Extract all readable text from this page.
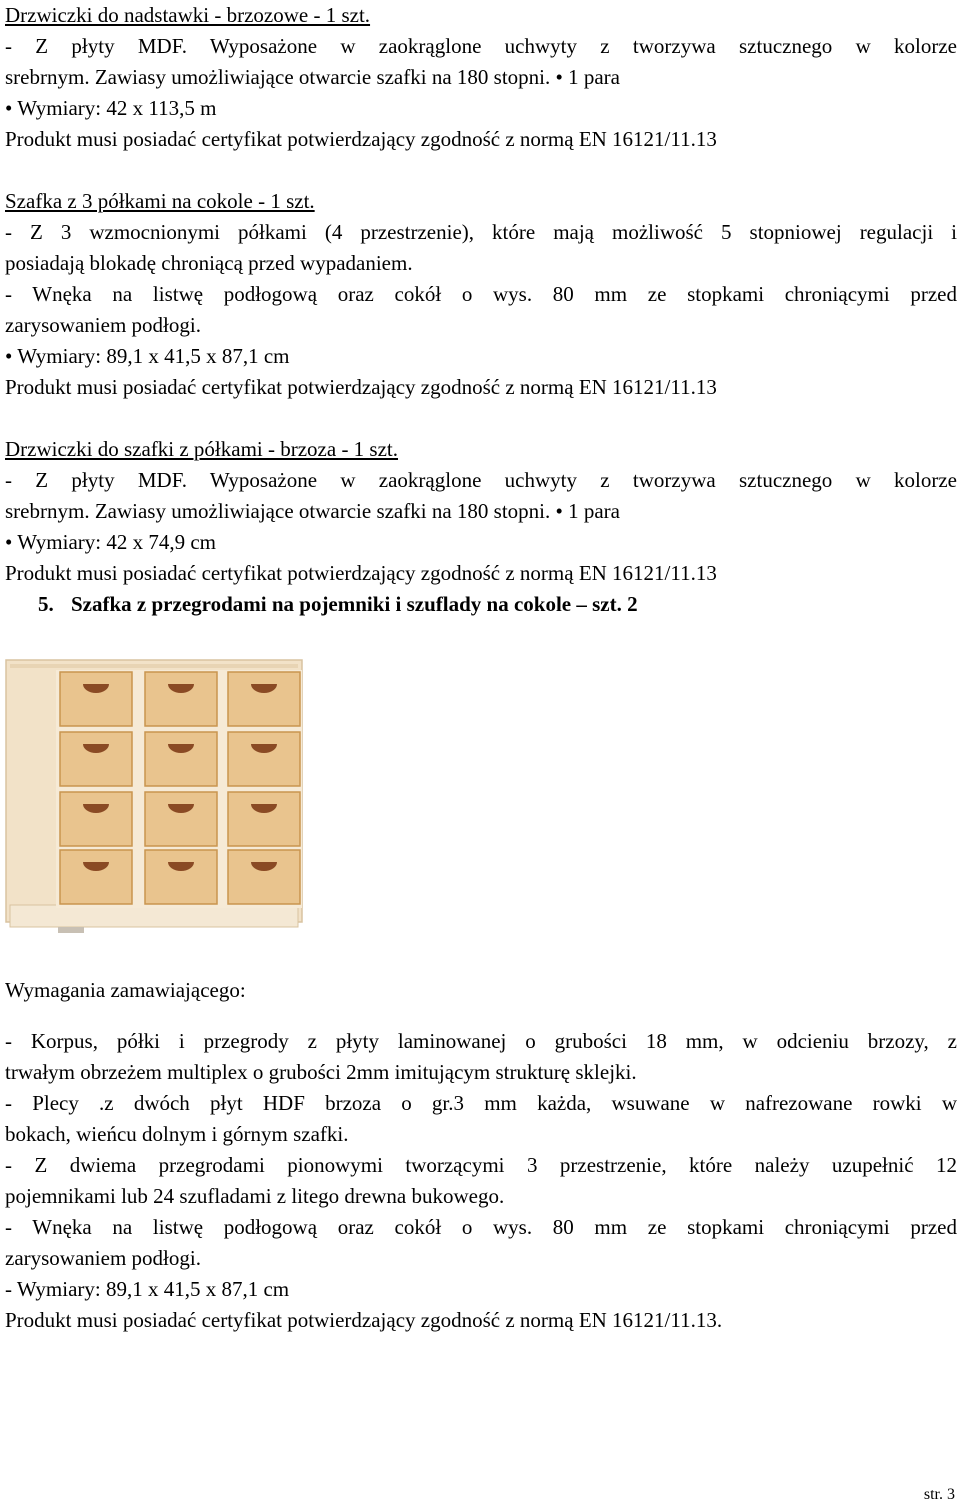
Drzwiczki do nadstawki - brzozowe - 1 szt.

- Z płyty MDF. Wyposażone w zaokrąglone uchwyty z tworzywa sztucznego w kolorze

srebrnym. Zawiasy umożliwiające otwarcie szafki na 180 stopni. • 1 para

• Wymiary: 42 x 113,5 m

Produkt musi posiadać certyfikat potwierdzający zgodność z normą EN 16121/11.13

Szafka z 3 półkami na cokole - 1 szt.

- Z 3 wzmocnionymi półkami (4 przestrzenie), które mają możliwość 5 stopniowej regulacji i

posiadają blokadę chroniącą przed wypadaniem.

- Wnęka na listwę podłogową oraz cokół o wys. 80 mm ze stopkami chroniącymi przed

zarysowaniem podłogi.

• Wymiary: 89,1 x 41,5 x 87,1 cm

Produkt musi posiadać certyfikat potwierdzający zgodność z normą EN 16121/11.13

Drzwiczki do szafki z półkami - brzoza - 1 szt.

- Z płyty MDF. Wyposażone w zaokrąglone uchwyty z tworzywa sztucznego w kolorze

srebrnym. Zawiasy umożliwiające otwarcie szafki na 180 stopni. • 1 para

• Wymiary: 42 x 74,9 cm

Produkt musi posiadać certyfikat potwierdzający zgodność z normą EN 16121/11.13

5. Szafka z przegrodami na pojemniki i szuflady na cokole – szt. 2

Wymagania zamawiającego:

- Korpus, półki i przegrody z płyty laminowanej o grubości 18 mm, w odcieniu brzozy, z

trwałym obrzeżem multiplex o grubości 2mm imitującym strukturę sklejki.

- Plecy .z dwóch płyt HDF brzoza o gr.3 mm każda, wsuwane w nafrezowane rowki w

bokach, wieńcu dolnym i górnym szafki.

- Z dwiema przegrodami pionowymi tworzącymi 3 przestrzenie, które należy uzupełnić 12

pojemnikami lub 24 szufladami z litego drewna bukowego.

- Wnęka na listwę podłogową oraz cokół o wys. 80 mm ze stopkami chroniącymi przed

zarysowaniem podłogi.

- Wymiary: 89,1 x 41,5 x 87,1 cm

Produkt musi posiadać certyfikat potwierdzający zgodność z normą EN 16121/11.13.

str. 3
